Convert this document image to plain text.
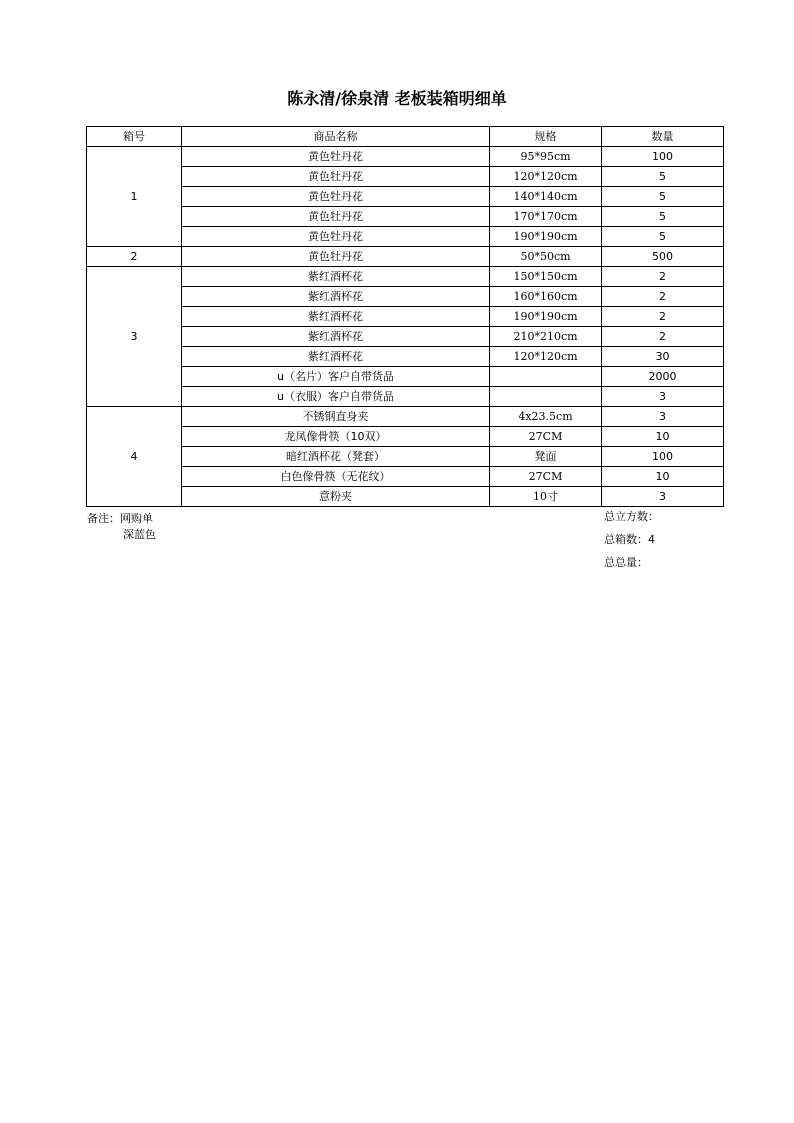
陈永清/徐泉清 老板装箱明细单
箱号	商品名称	规格	数量
1	黄色牡丹花	95*95cm	100
	黄色牡丹花	120*120cm	5
	黄色牡丹花	140*140cm	5
	黄色牡丹花	170*170cm	5
	黄色牡丹花	190*190cm	5
2	黄色牡丹花	50*50cm	500
3	紫红酒杯花	150*150cm	2
	紫红酒杯花	160*160cm	2
	紫红酒杯花	190*190cm	2
	紫红酒杯花	210*210cm	2
	紫红酒杯花	120*120cm	30
	u（名片）客户自带货品		2000
	u（衣服）客户自带货品		3
4	不锈钢直身夹	4x23.5cm	3
	龙凤像骨筷（10双）	27CM	10
	暗红酒杯花（凳套）	凳面	100
	白色像骨筷（无花纹）	27CM	10
	意粉夹	10寸	3
备注：网购单
深蓝色
总立方数：
总箱数：4
总总量：
